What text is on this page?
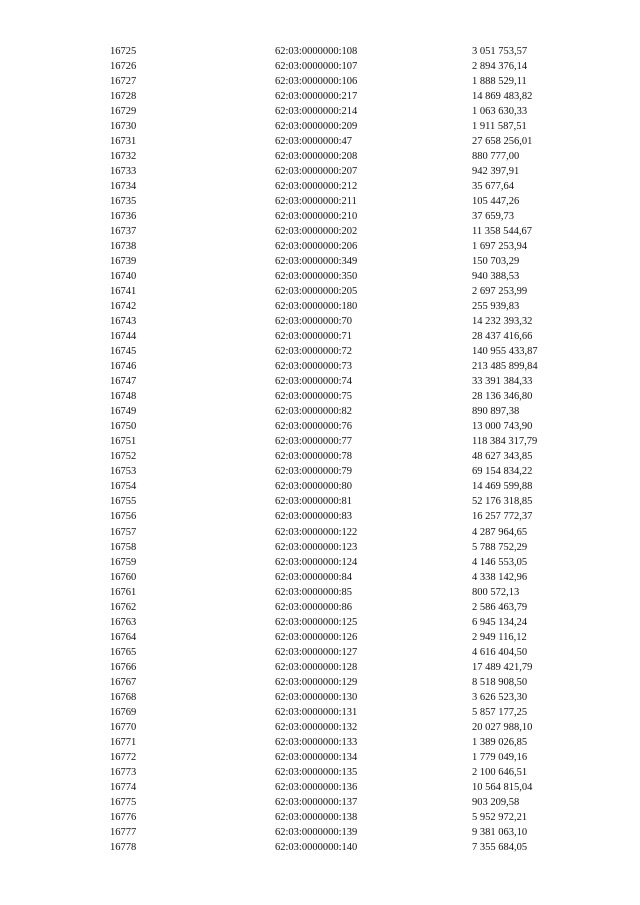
16725	62:03:0000000:108	3 051 753,57
16726	62:03:0000000:107	2 894 376,14
16727	62:03:0000000:106	1 888 529,11
16728	62:03:0000000:217	14 869 483,82
16729	62:03:0000000:214	1 063 630,33
16730	62:03:0000000:209	1 911 587,51
16731	62:03:0000000:47	27 658 256,01
16732	62:03:0000000:208	880 777,00
16733	62:03:0000000:207	942 397,91
16734	62:03:0000000:212	35 677,64
16735	62:03:0000000:211	105 447,26
16736	62:03:0000000:210	37 659,73
16737	62:03:0000000:202	11 358 544,67
16738	62:03:0000000:206	1 697 253,94
16739	62:03:0000000:349	150 703,29
16740	62:03:0000000:350	940 388,53
16741	62:03:0000000:205	2 697 253,99
16742	62:03:0000000:180	255 939,83
16743	62:03:0000000:70	14 232 393,32
16744	62:03:0000000:71	28 437 416,66
16745	62:03:0000000:72	140 955 433,87
16746	62:03:0000000:73	213 485 899,84
16747	62:03:0000000:74	33 391 384,33
16748	62:03:0000000:75	28 136 346,80
16749	62:03:0000000:82	890 897,38
16750	62:03:0000000:76	13 000 743,90
16751	62:03:0000000:77	118 384 317,79
16752	62:03:0000000:78	48 627 343,85
16753	62:03:0000000:79	69 154 834,22
16754	62:03:0000000:80	14 469 599,88
16755	62:03:0000000:81	52 176 318,85
16756	62:03:0000000:83	16 257 772,37
16757	62:03:0000000:122	4 287 964,65
16758	62:03:0000000:123	5 788 752,29
16759	62:03:0000000:124	4 146 553,05
16760	62:03:0000000:84	4 338 142,96
16761	62:03:0000000:85	800 572,13
16762	62:03:0000000:86	2 586 463,79
16763	62:03:0000000:125	6 945 134,24
16764	62:03:0000000:126	2 949 116,12
16765	62:03:0000000:127	4 616 404,50
16766	62:03:0000000:128	17 489 421,79
16767	62:03:0000000:129	8 518 908,50
16768	62:03:0000000:130	3 626 523,30
16769	62:03:0000000:131	5 857 177,25
16770	62:03:0000000:132	20 027 988,10
16771	62:03:0000000:133	1 389 026,85
16772	62:03:0000000:134	1 779 049,16
16773	62:03:0000000:135	2 100 646,51
16774	62:03:0000000:136	10 564 815,04
16775	62:03:0000000:137	903 209,58
16776	62:03:0000000:138	5 952 972,21
16777	62:03:0000000:139	9 381 063,10
16778	62:03:0000000:140	7 355 684,05
